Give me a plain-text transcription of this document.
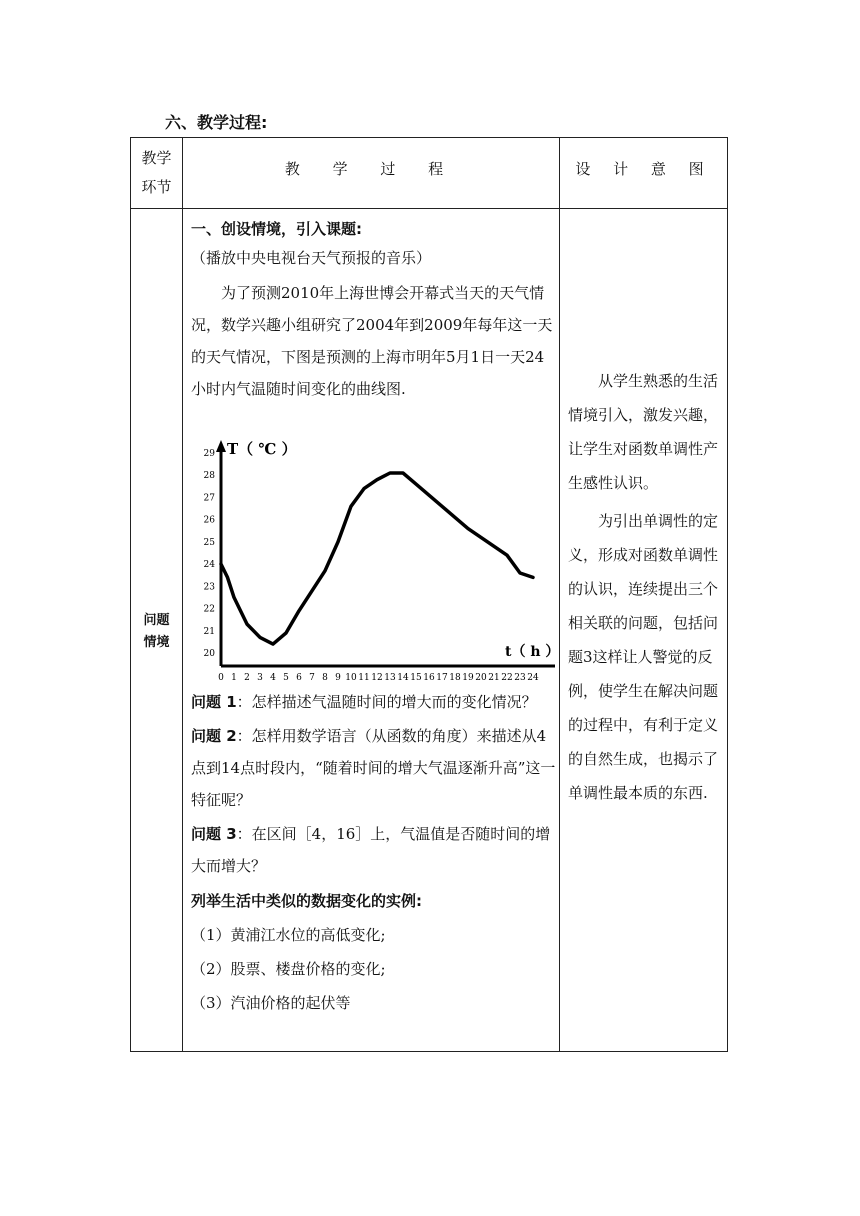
六、教学过程:
教学
环节
教 学 过 程	设 计 意 图
问题
情境

一、创设情境，引入课题:

（播放中央电视台天气预报的音乐）

为了预测2010年上海世博会开幕式当天的天气情况，数学兴趣小组研究了2004年到2009年每年这一天的天气情况，下图是预测的上海市明年5月1日一天24小时内气温随时间变化的曲线图.

20
21
22
23
24
25
26
27
28
29
0 1 2 3 4 5 6 7 8 9 10 11 12 13 14 15 16 17 18 19 20 21 22 23 24
T（ ℃ ）
t（ h ）

问题 1：怎样描述气温随时间的增大而的变化情况？

问题 2：怎样用数学语言（从函数的角度）来描述从4点到14点时段内，“随着时间的增大气温逐渐升高”这一特征呢？

问题 3：在区间［4，16］上，气温值是否随时间的增大而增大？

列举生活中类似的数据变化的实例:

（1）黄浦江水位的高低变化;

（2）股票、楼盘价格的变化;

（3）汽油价格的起伏等

从学生熟悉的生活情境引入，激发兴趣，让学生对函数单调性产生感性认识。

为引出单调性的定义，形成对函数单调性的认识，连续提出三个相关联的问题，包括问题3这样让人警觉的反例，使学生在解决问题的过程中，有利于定义的自然生成，也揭示了单调性最本质的东西.
